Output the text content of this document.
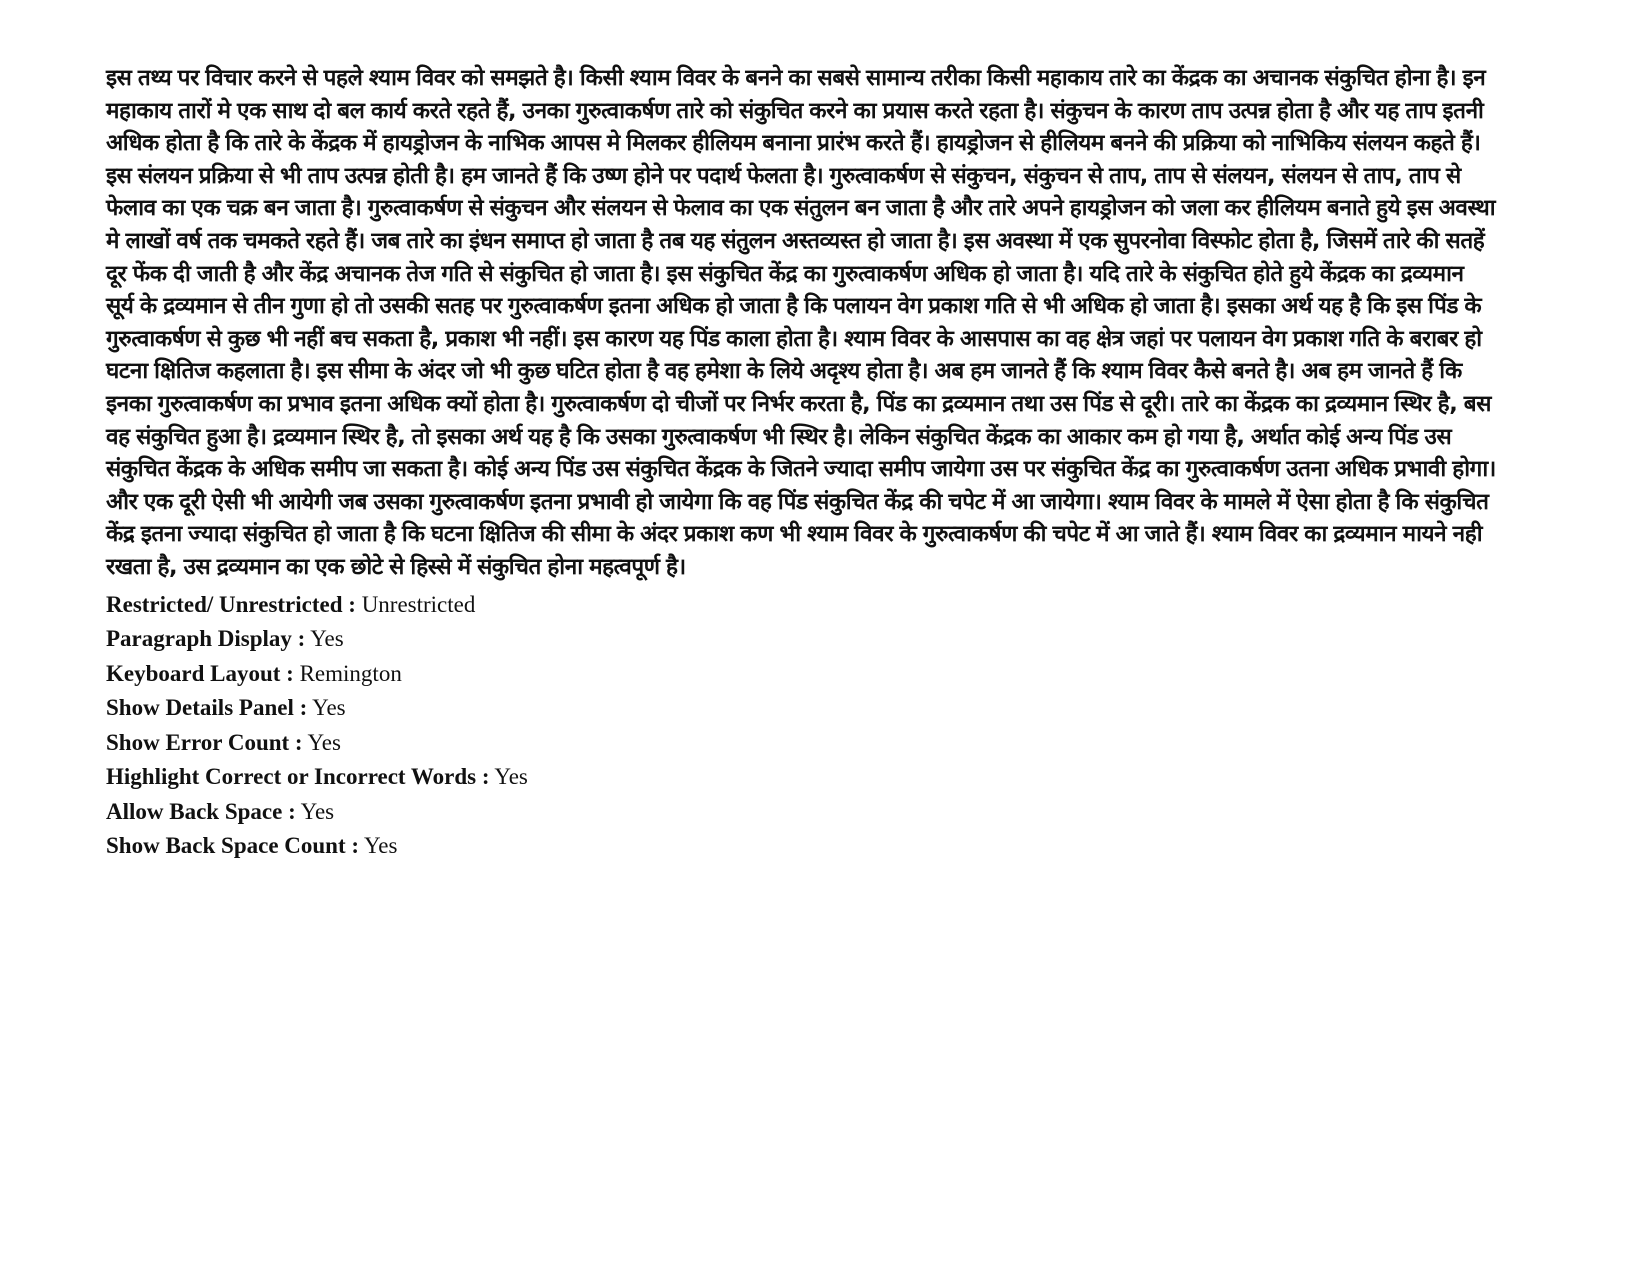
इस तथ्य पर विचार करने से पहले श्याम विवर को समझते है। किसी श्याम विवर के बनने का सबसे सामान्य तरीका किसी महाकाय तारे का केंद्रक का अचानक संकुचित होना है। इन महाकाय तारों मे एक साथ दो बल कार्य करते रहते हैं, उनका गुरुत्वाकर्षण तारे को संकुचित करने का प्रयास करते रहता है। संकुचन के कारण ताप उत्पन्न होता है और यह ताप इतनी अधिक होता है कि तारे के केंद्रक में हायड्रोजन के नाभिक आपस मे मिलकर हीलियम बनाना प्रारंभ करते हैं। हायड्रोजन से हीलियम बनने की प्रक्रिया को नाभिकिय संलयन कहते हैं। इस संलयन प्रक्रिया से भी ताप उत्पन्न होती है। हम जानते हैं कि उष्ण होने पर पदार्थ फेलता है। गुरुत्वाकर्षण से संकुचन, संकुचन से ताप, ताप से संलयन, संलयन से ताप, ताप से फेलाव का एक चक्र बन जाता है। गुरुत्वाकर्षण से संकुचन और संलयन से फेलाव का एक संतुलन बन जाता है और तारे अपने हायड्रोजन को जला कर हीलियम बनाते हुये इस अवस्था मे लाखों वर्ष तक चमकते रहते हैं। जब तारे का इंधन समाप्त हो जाता है तब यह संतुलन अस्तव्यस्त हो जाता है। इस अवस्था में एक सुपरनोवा विस्फोट होता है, जिसमें तारे की सतहें दूर फेंक दी जाती है और केंद्र अचानक तेज गति से संकुचित हो जाता है। इस संकुचित केंद्र का गुरुत्वाकर्षण अधिक हो जाता है। यदि तारे के संकुचित होते हुये केंद्रक का द्रव्यमान सूर्य के द्रव्यमान से तीन गुणा हो तो उसकी सतह पर गुरुत्वाकर्षण इतना अधिक हो जाता है कि पलायन वेग प्रकाश गति से भी अधिक हो जाता है। इसका अर्थ यह है कि इस पिंड के गुरुत्वाकर्षण से कुछ भी नहीं बच सकता है, प्रकाश भी नहीं। इस कारण यह पिंड काला होता है। श्याम विवर के आसपास का वह क्षेत्र जहां पर पलायन वेग प्रकाश गति के बराबर हो घटना क्षितिज कहलाता है। इस सीमा के अंदर जो भी कुछ घटित होता है वह हमेशा के लिये अदृश्य होता है। अब हम जानते हैं कि श्याम विवर कैसे बनते है। अब हम जानते हैं कि इनका गुरुत्वाकर्षण का प्रभाव इतना अधिक क्यों होता है। गुरुत्वाकर्षण दो चीजों पर निर्भर करता है, पिंड का द्रव्यमान तथा उस पिंड से दूरी। तारे का केंद्रक का द्रव्यमान स्थिर है, बस वह संकुचित हुआ है। द्रव्यमान स्थिर है, तो इसका अर्थ यह है कि उसका गुरुत्वाकर्षण भी स्थिर है। लेकिन संकुचित केंद्रक का आकार कम हो गया है, अर्थात कोई अन्य पिंड उस संकुचित केंद्रक के अधिक समीप जा सकता है। कोई अन्य पिंड उस संकुचित केंद्रक के जितने ज्यादा समीप जायेगा उस पर संकुचित केंद्र का गुरुत्वाकर्षण उतना अधिक प्रभावी होगा। और एक दूरी ऐसी भी आयेगी जब उसका गुरुत्वाकर्षण इतना प्रभावी हो जायेगा कि वह पिंड संकुचित केंद्र की चपेट में आ जायेगा। श्याम विवर के मामले में ऐसा होता है कि संकुचित केंद्र इतना ज्यादा संकुचित हो जाता है कि घटना क्षितिज की सीमा के अंदर प्रकाश कण भी श्याम विवर के गुरुत्वाकर्षण की चपेट में आ जाते हैं। श्याम विवर का द्रव्यमान मायने नही रखता है, उस द्रव्यमान का एक छोटे से हिस्से में संकुचित होना महत्वपूर्ण है।

Restricted/ Unrestricted : Unrestricted
Paragraph Display : Yes
Keyboard Layout : Remington
Show Details Panel : Yes
Show Error Count : Yes
Highlight Correct or Incorrect Words : Yes
Allow Back Space : Yes
Show Back Space Count : Yes
